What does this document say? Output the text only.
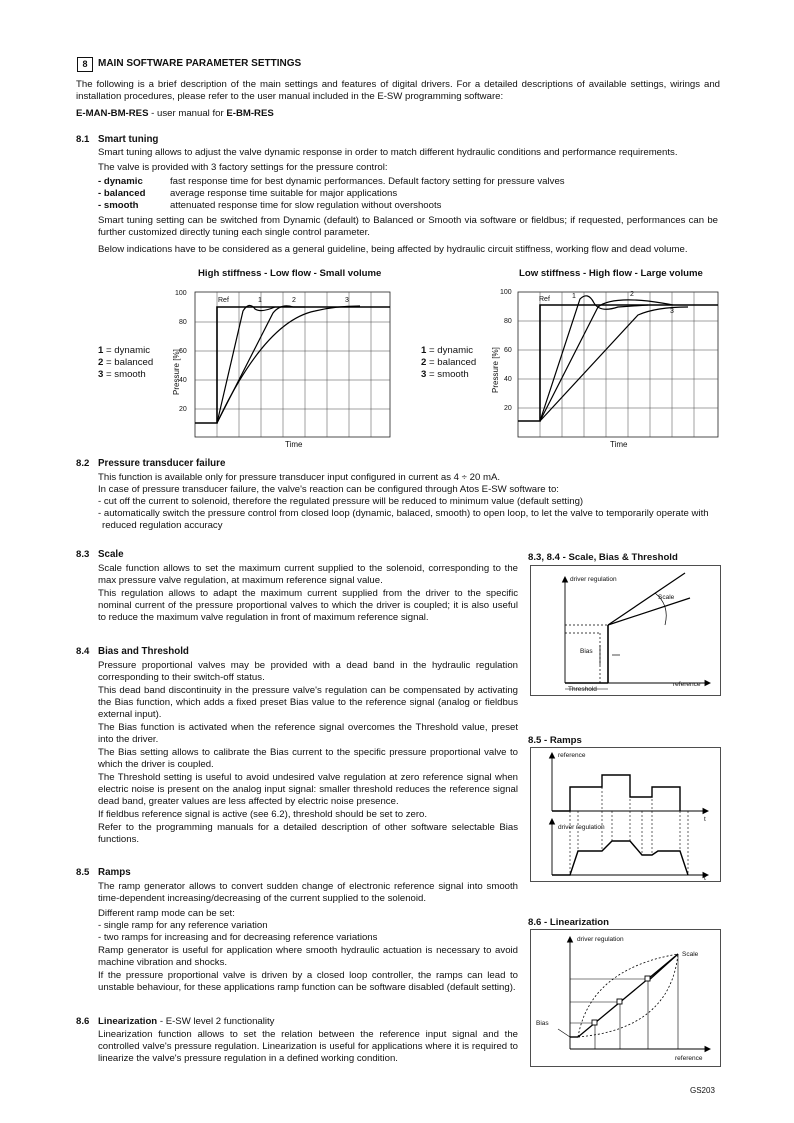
8	MAIN SOFTWARE PARAMETER SETTINGS
The following is a brief description of the main settings and features of digital drivers. For a detailed descriptions of available settings, wirings and installation procedures, please refer to the user manual included in the E-SW programming software:
E-MAN-BM-RES - user manual for E-BM-RES
8.1 Smart tuning
Smart tuning allows to adjust the valve dynamic response in order to match different hydraulic conditions and performance requirements.
The valve is provided with 3 factory settings for the pressure control:
- dynamic	fast response time for best dynamic performances. Default factory setting for pressure valves
- balanced	average response time suitable for major applications
- smooth	attenuated response time for slow regulation without overshoots
Smart tuning setting can be switched from Dynamic (default) to Balanced or Smooth via software or fieldbus; if requested, performances can be further customized directly tuning each single control parameter.
Below indications have to be considered as a general guideline, being affected by hydraulic circuit stiffness, working flow and dead volume.
High stiffness - Low flow - Small volume	Low stiffness - High flow - Large volume
1 = dynamic
2 = balanced
3 = smooth
1 = dynamic
2 = balanced
3 = smooth
100
80
60
40
20
Ref	1	2	3
Time
Pressure [%]
100
80
60
40
20
Ref	1	2
3
Time
Pressure [%]
8.2 Pressure transducer failure
This function is available only for pressure transducer input configured in current as 4 ÷ 20 mA.
In case of pressure transducer failure, the valve's reaction can be configured through Atos E-SW software to:
- cut off the current to solenoid, therefore the regulated pressure will be reduced to minimum value (default setting)
- automatically switch the pressure control from closed loop (dynamic, balaced, smooth) to open loop, to let the valve to temporarily operate with
reduced regulation accuracy
8.3 Scale
Scale function allows to set the maximum current supplied to the solenoid, corresponding to the max pressure valve regulation, at maximum reference signal value.
This regulation allows to adapt the maximum current supplied from the driver to the specific nominal current of the pressure proportional valves to which the driver is coupled; it is also useful to reduce the maximum valve regulation in front of maximum reference signal.
8.4 Bias and Threshold
Pressure proportional valves may be provided with a dead band in the hydraulic regulation corresponding to their switch-off status.
This dead band discontinuity in the pressure valve's regulation can be compensated by activating the Bias function, which adds a fixed preset Bias value to the reference signal (analog or fieldbus external input).
The Bias function is activated when the reference signal overcomes the Threshold value, preset into the driver.
The Bias setting allows to calibrate the Bias current to the specific pressure proportional valve to which the driver is coupled.
The Threshold setting is useful to avoid undesired valve regulation at zero reference signal when electric noise is present on the analog input signal: smaller threshold reduces the reference signal dead band, greater values are less affected by electric noise presence.
If fieldbus reference signal is active (see 6.2), threshold should be set to zero.
Refer to the programming manuals for a detailed description of other software selectable Bias functions.
8.5 Ramps
The ramp generator allows to convert sudden change of electronic reference signal into smooth time-dependent increasing/decreasing of the current supplied to the solenoid.
Different ramp mode can be set:
- single ramp for any reference variation
- two ramps for increasing and for decreasing reference variations
Ramp generator is useful for application where smooth hydraulic actuation is necessary to avoid machine vibration and shocks.
If the pressure proportional valve is driven by a closed loop controller, the ramps can lead to unstable behaviour, for these applications ramp function can be software disabled (default setting).
8.6 Linearization - E-SW level 2 functionality
Linearization function allows to set the relation between the reference input signal and the controlled valve's pressure regulation. Linearization is useful for applications where it is required to linearize the valve's pressure regulation in a defined working condition.
8.3, 8.4 - Scale, Bias & Threshold
driver regulation
Scale
Bias
Threshold
reference
8.5 - Ramps
reference
t
driver regulation
t
8.6 - Linearization
driver regulation
Scale
Bias
reference
GS203
